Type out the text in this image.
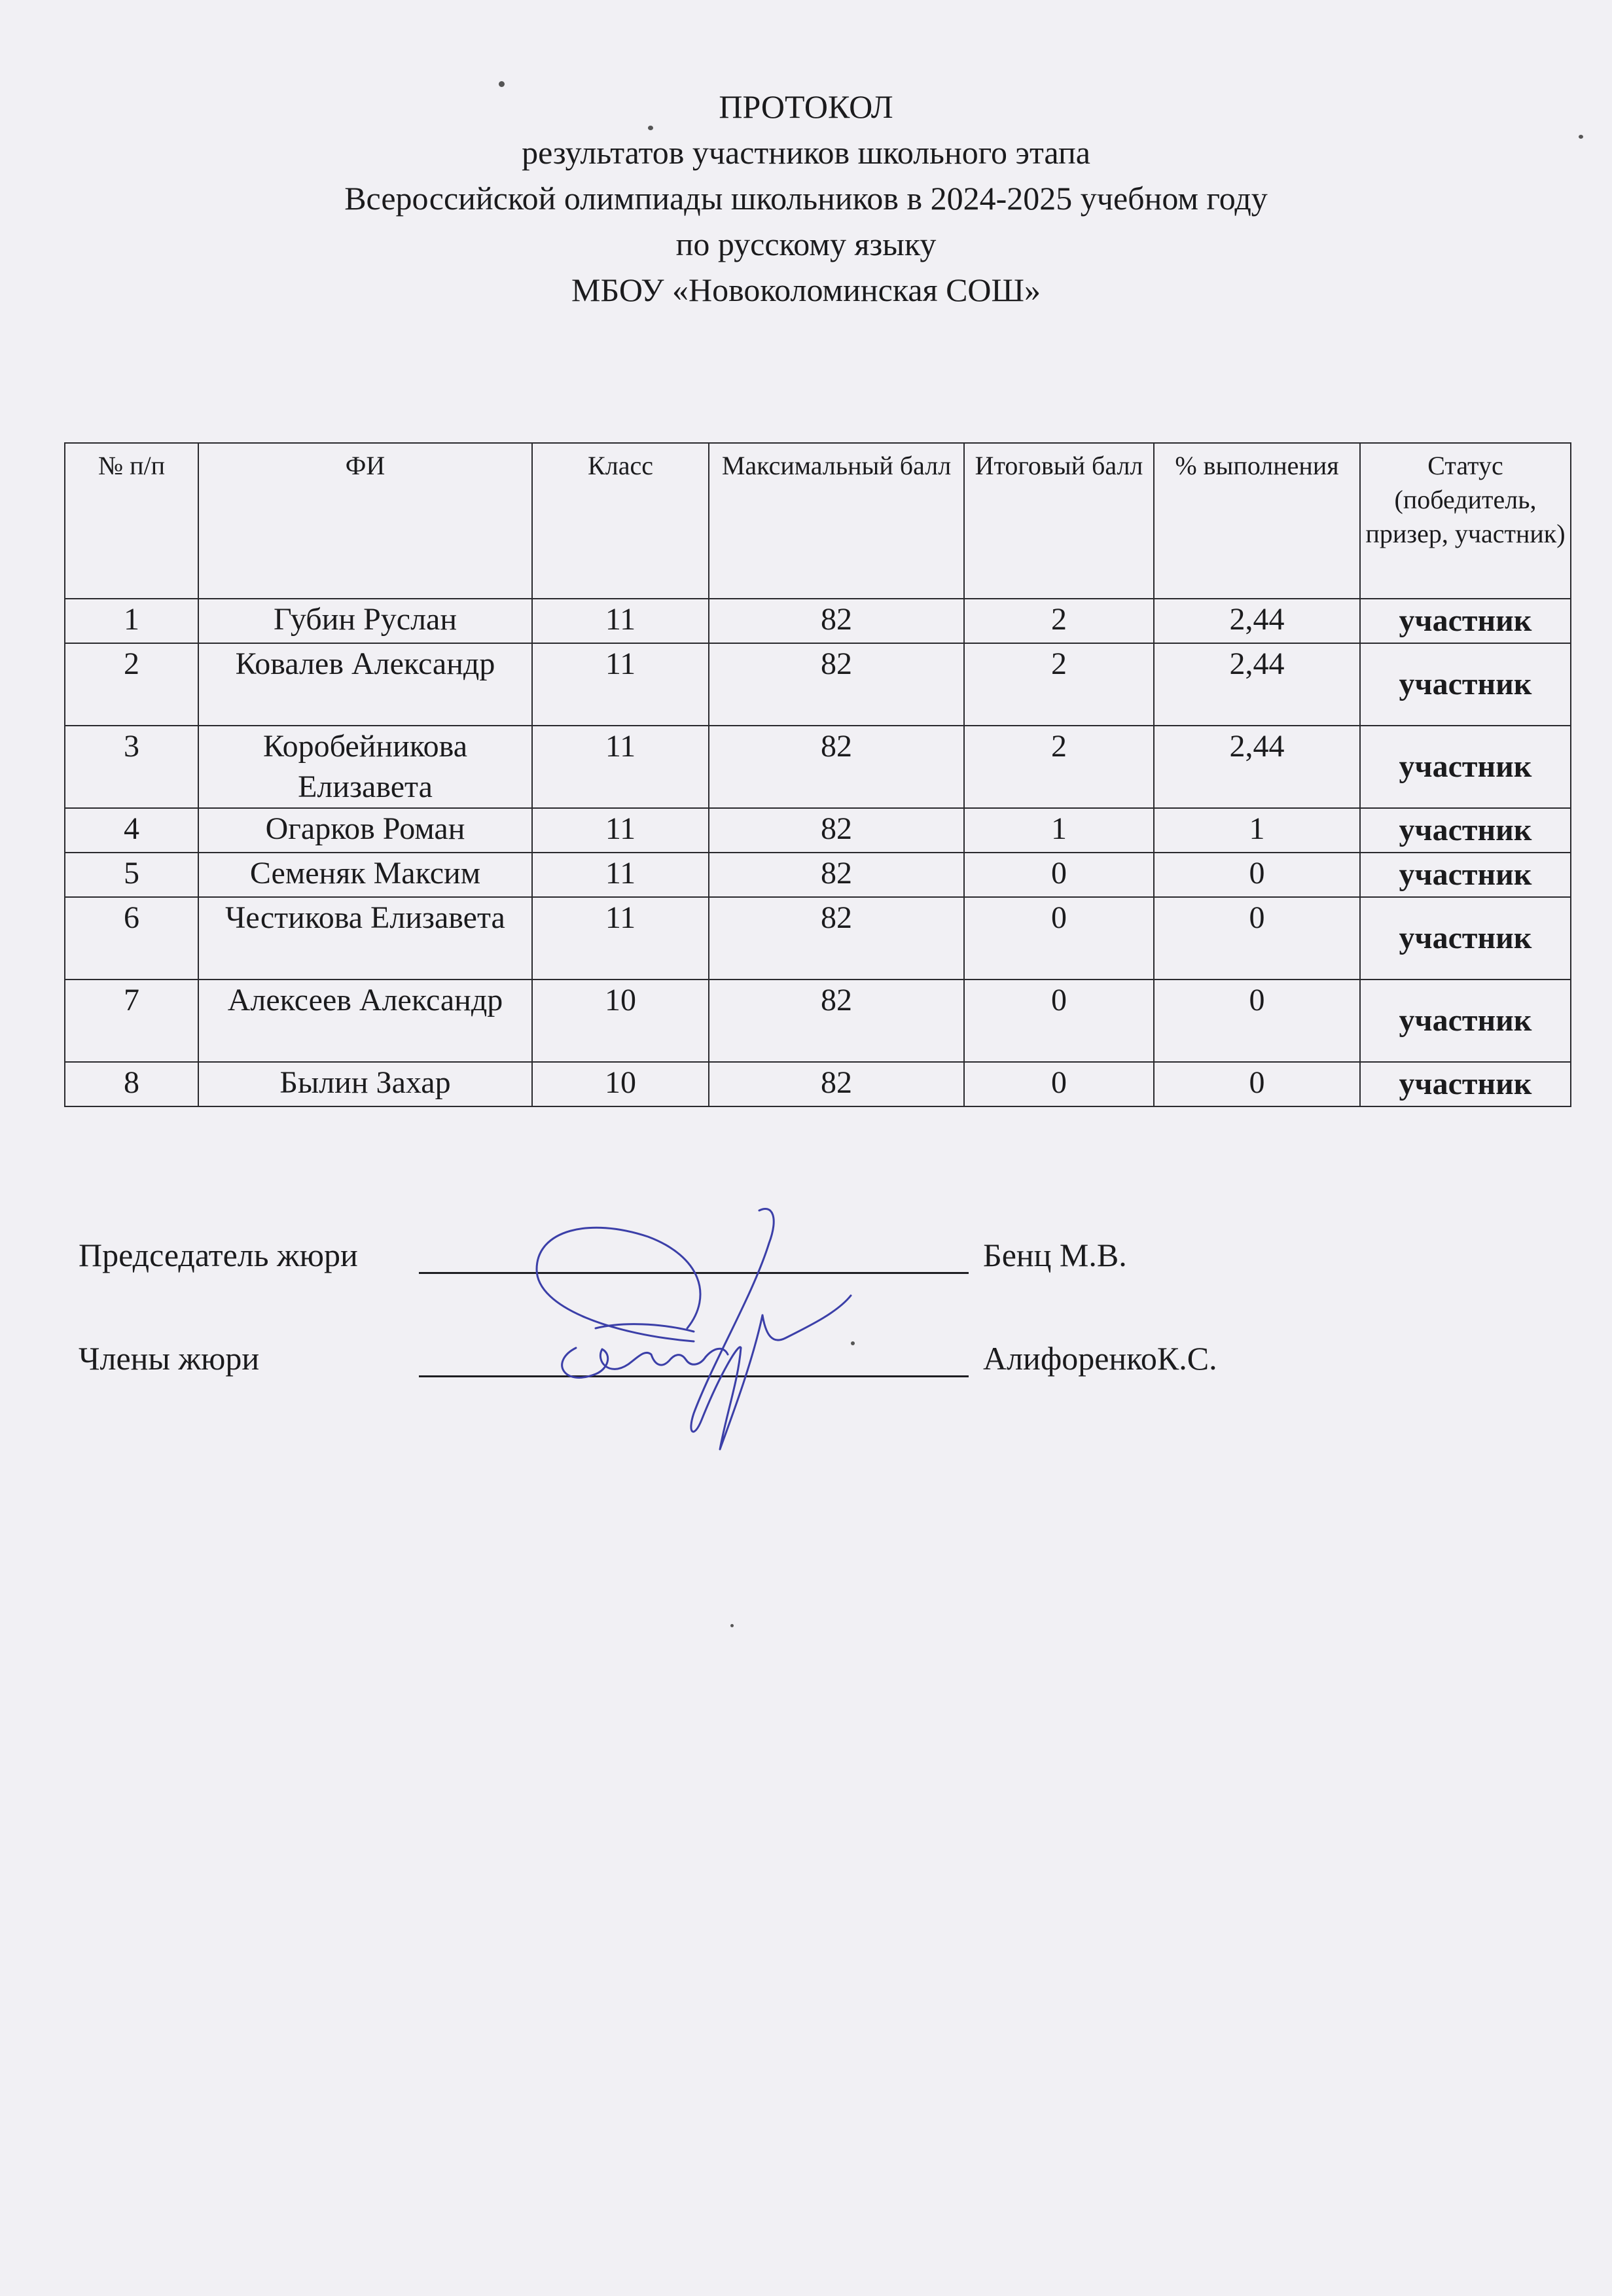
ПРОТОКОЛ
результатов участников школьного этапа
Всероссийской олимпиады школьников в 2024-2025 учебном году
по русскому языку
МБОУ «Новоколоминская СОШ»
№ п/п	ФИ	Класс	Максимальный балл	Итоговый балл	% выполнения	Статус (победитель, призер, участник)
1	Губин Руслан	11	82	2	2,44	участник
2	Ковалев Александр	11	82	2	2,44	участник
3	Коробейникова Елизавета	11	82	2	2,44	участник
4	Огарков Роман	11	82	1	1	участник
5	Семеняк Максим	11	82	0	0	участник
6	Честикова Елизавета	11	82	0	0	участник
7	Алексеев Александр	10	82	0	0	участник
8	Былин Захар	10	82	0	0	участник
Председатель жюри	Бенц М.В.
Члены жюри	АлифоренкоК.С.
